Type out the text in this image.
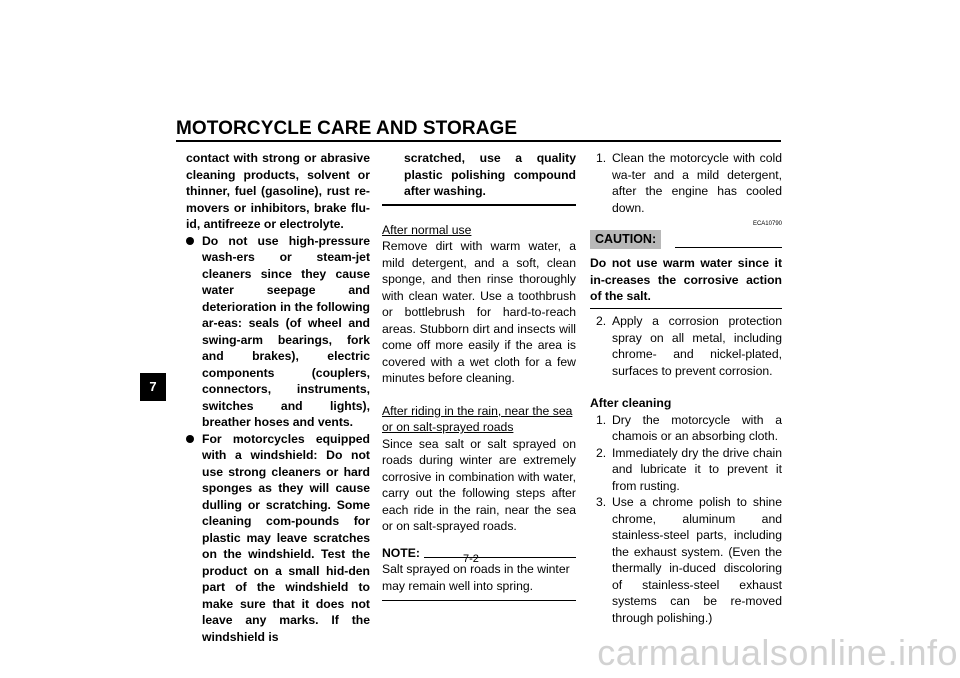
MOTORCYCLE CARE AND STORAGE
7
contact with strong or abrasive cleaning products, solvent or thinner, fuel (gasoline), rust re-movers or inhibitors, brake flu-id, antifreeze or electrolyte.
Do not use high-pressure wash-ers or steam-jet cleaners since they cause water seepage and deterioration in the following ar-eas: seals (of wheel and swing-arm bearings, fork and brakes), electric components (couplers, connectors, instruments, switches and lights), breather hoses and vents.
For motorcycles equipped with a windshield: Do not use strong cleaners or hard sponges as they will cause dulling or scratching. Some cleaning com-pounds for plastic may leave scratches on the windshield. Test the product on a small hid-den part of the windshield to make sure that it does not leave any marks. If the windshield is
scratched, use a quality plastic polishing compound after washing.
After normal use
Remove dirt with warm water, a mild detergent, and a soft, clean sponge, and then rinse thoroughly with clean water. Use a toothbrush or bottlebrush for hard-to-reach areas. Stubborn dirt and insects will come off more easily if the area is covered with a wet cloth for a few minutes before cleaning.
After riding in the rain, near the sea or on salt-sprayed roads
Since sea salt or salt sprayed on roads during winter are extremely corrosive in combination with water, carry out the following steps after each ride in the rain, near the sea or on salt-sprayed roads.
NOTE:
Salt sprayed on roads in the winter may remain well into spring.
1. Clean the motorcycle with cold wa-ter and a mild detergent, after the engine has cooled down.
ECA10790
CAUTION:
Do not use warm water since it in-creases the corrosive action of the salt.
2. Apply a corrosion protection spray on all metal, including chrome- and nickel-plated, surfaces to prevent corrosion.
After cleaning
1. Dry the motorcycle with a chamois or an absorbing cloth.
2. Immediately dry the drive chain and lubricate it to prevent it from rusting.
3. Use a chrome polish to shine chrome, aluminum and stainless-steel parts, including the exhaust system. (Even the thermally in-duced discoloring of stainless-steel exhaust systems can be re-moved through polishing.)
7-2
carmanualsonline.info
